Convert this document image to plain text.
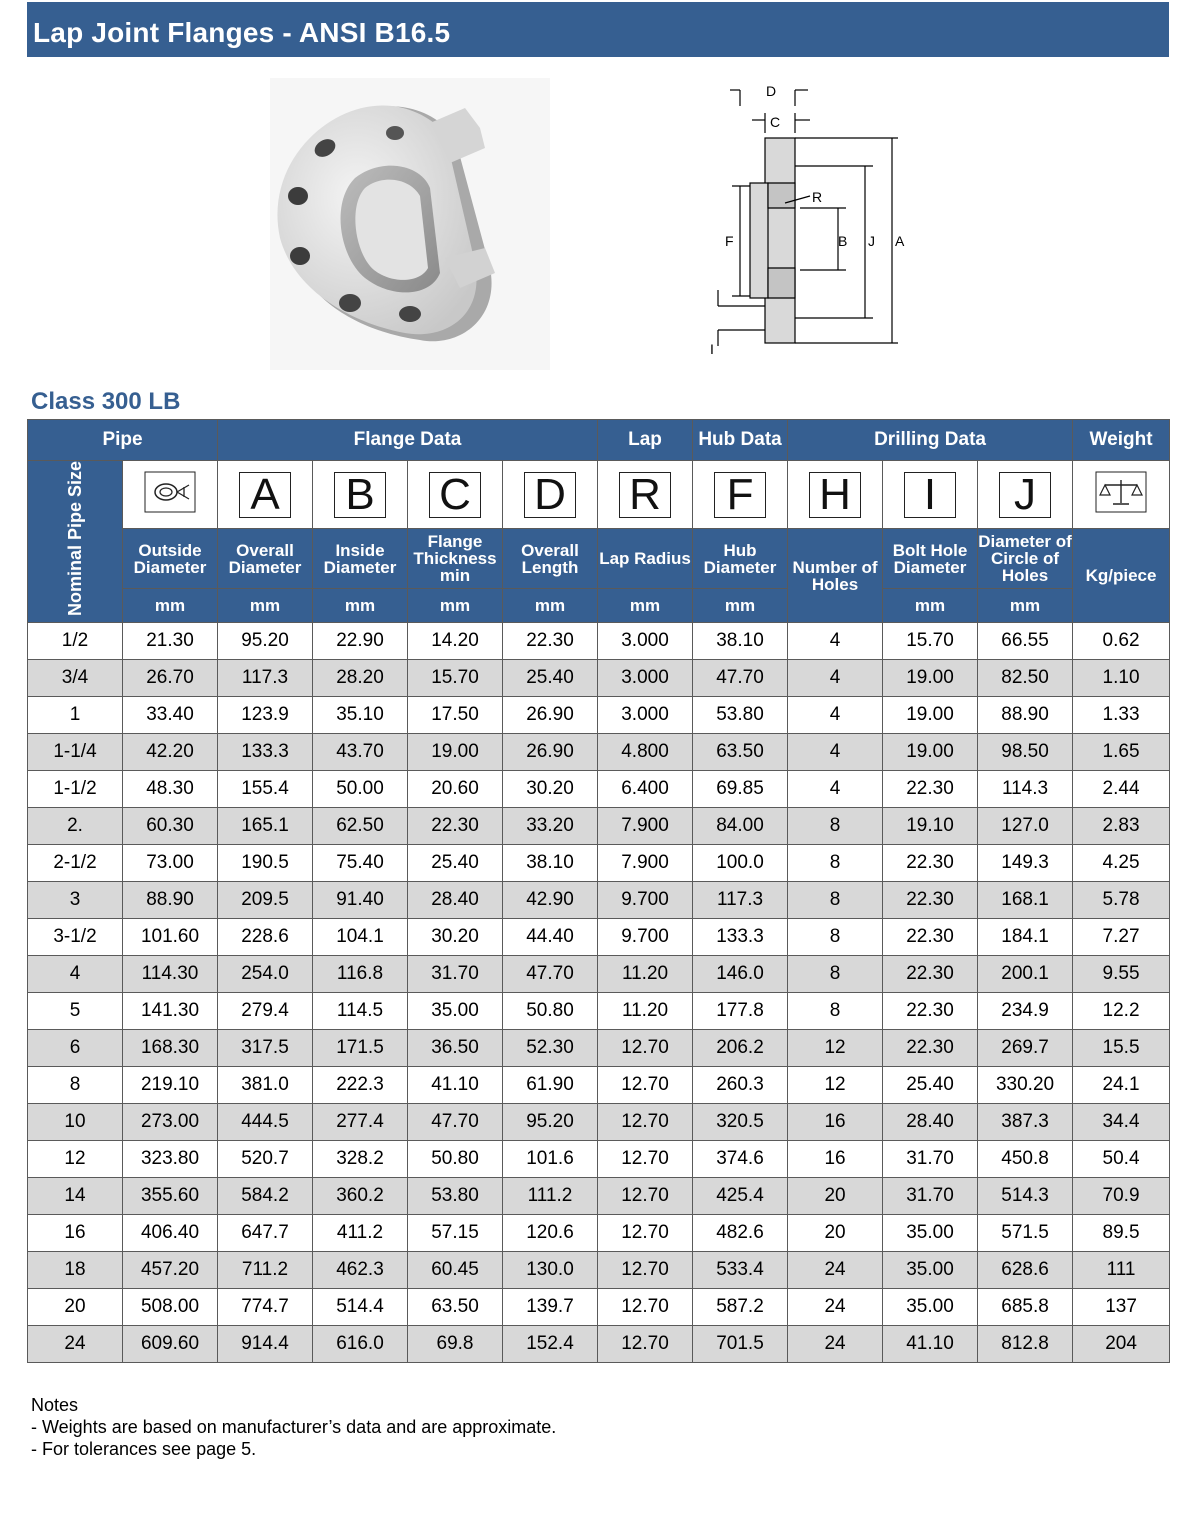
Lap Joint Flanges - ANSI B16.5
D
C
R
F	B J A
I
Class 300 LB
Pipe		Flange Data				Lap	Hub Data	Drilling Data			Weight
Nominal Pipe Size		A	B	C	D	R	F	H	I	J	
	Outside Diameter	Overall Diameter	Inside Diameter	Flange Thickness min	Overall Length	Lap Radius	Hub Diameter	Number of Holes	Bolt Hole Diameter	Diameter of Circle of Holes	Kg/piece
	mm	mm	mm	mm	mm	mm	mm		mm	mm	
1/2	21.30	95.20	22.90	14.20	22.30	3.000	38.10	4	15.70	66.55	0.62
3/4	26.70	117.3	28.20	15.70	25.40	3.000	47.70	4	19.00	82.50	1.10
1	33.40	123.9	35.10	17.50	26.90	3.000	53.80	4	19.00	88.90	1.33
1-1/4	42.20	133.3	43.70	19.00	26.90	4.800	63.50	4	19.00	98.50	1.65
1-1/2	48.30	155.4	50.00	20.60	30.20	6.400	69.85	4	22.30	114.3	2.44
2.	60.30	165.1	62.50	22.30	33.20	7.900	84.00	8	19.10	127.0	2.83
2-1/2	73.00	190.5	75.40	25.40	38.10	7.900	100.0	8	22.30	149.3	4.25
3	88.90	209.5	91.40	28.40	42.90	9.700	117.3	8	22.30	168.1	5.78
3-1/2	101.60	228.6	104.1	30.20	44.40	9.700	133.3	8	22.30	184.1	7.27
4	114.30	254.0	116.8	31.70	47.70	11.20	146.0	8	22.30	200.1	9.55
5	141.30	279.4	114.5	35.00	50.80	11.20	177.8	8	22.30	234.9	12.2
6	168.30	317.5	171.5	36.50	52.30	12.70	206.2	12	22.30	269.7	15.5
8	219.10	381.0	222.3	41.10	61.90	12.70	260.3	12	25.40	330.20	24.1
10	273.00	444.5	277.4	47.70	95.20	12.70	320.5	16	28.40	387.3	34.4
12	323.80	520.7	328.2	50.80	101.6	12.70	374.6	16	31.70	450.8	50.4
14	355.60	584.2	360.2	53.80	111.2	12.70	425.4	20	31.70	514.3	70.9
16	406.40	647.7	411.2	57.15	120.6	12.70	482.6	20	35.00	571.5	89.5
18	457.20	711.2	462.3	60.45	130.0	12.70	533.4	24	35.00	628.6	111
20	508.00	774.7	514.4	63.50	139.7	12.70	587.2	24	35.00	685.8	137
24	609.60	914.4	616.0	69.8	152.4	12.70	701.5	24	41.10	812.8	204
Notes
- Weights are based on manufacturer’s data and are approximate.
- For tolerances see page 5.
